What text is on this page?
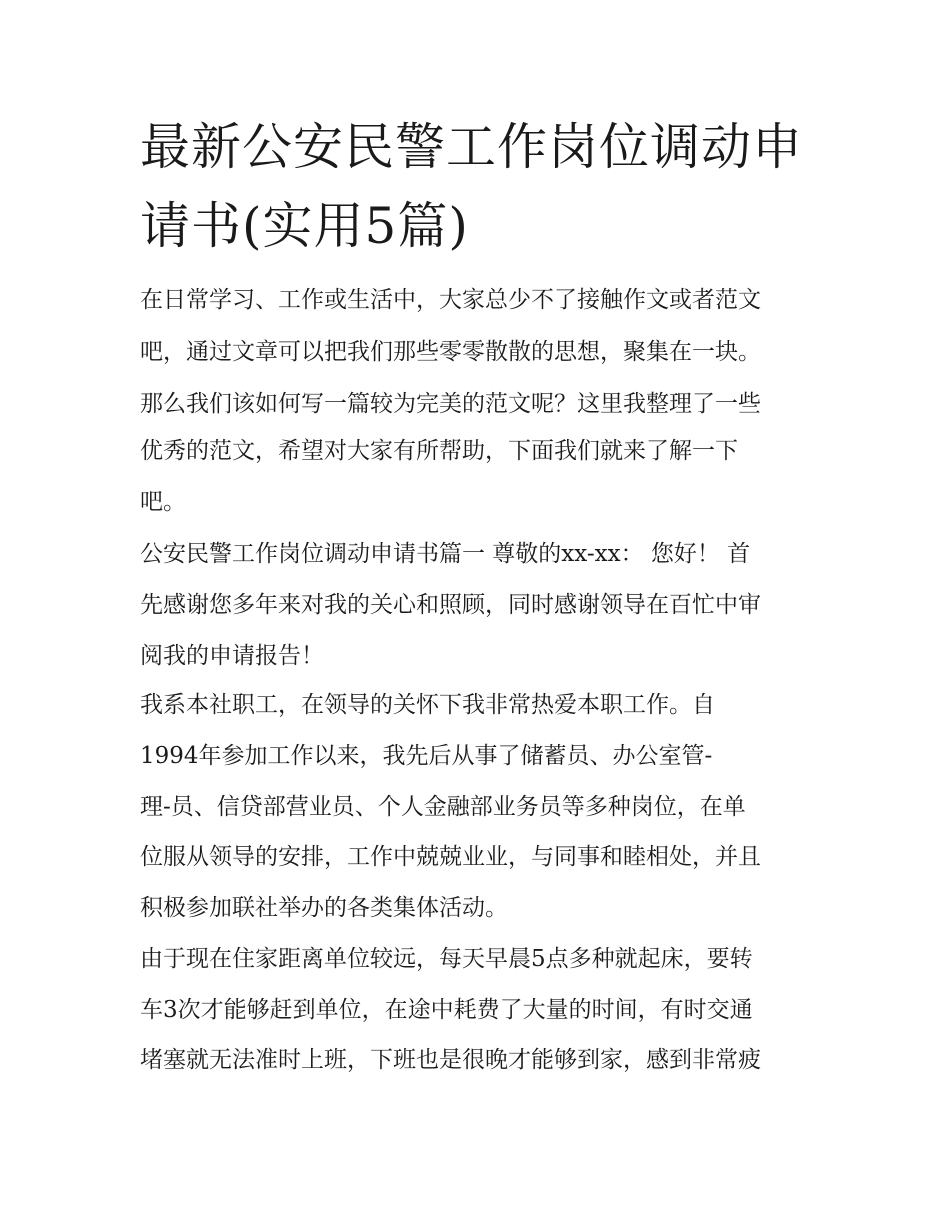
最新公安民警工作岗位调动申
请书(实用5篇)

在日常学习、工作或生活中，大家总少不了接触作文或者范文

吧，通过文章可以把我们那些零零散散的思想，聚集在一块。

那么我们该如何写一篇较为完美的范文呢？这里我整理了一些

优秀的范文，希望对大家有所帮助，下面我们就来了解一下

吧。

公安民警工作岗位调动申请书篇一 尊敬的xx-xx： 您好！ 首

先感谢您多年来对我的关心和照顾，同时感谢领导在百忙中审

阅我的申请报告！

我系本社职工，在领导的关怀下我非常热爱本职工作。自

1994年参加工作以来，我先后从事了储蓄员、办公室管-

理-员、信贷部营业员、个人金融部业务员等多种岗位，在单

位服从领导的安排，工作中兢兢业业，与同事和睦相处，并且

积极参加联社举办的各类集体活动。

由于现在住家距离单位较远，每天早晨5点多种就起床，要转

车3次才能够赶到单位，在途中耗费了大量的时间，有时交通

堵塞就无法准时上班，下班也是很晚才能够到家，感到非常疲
